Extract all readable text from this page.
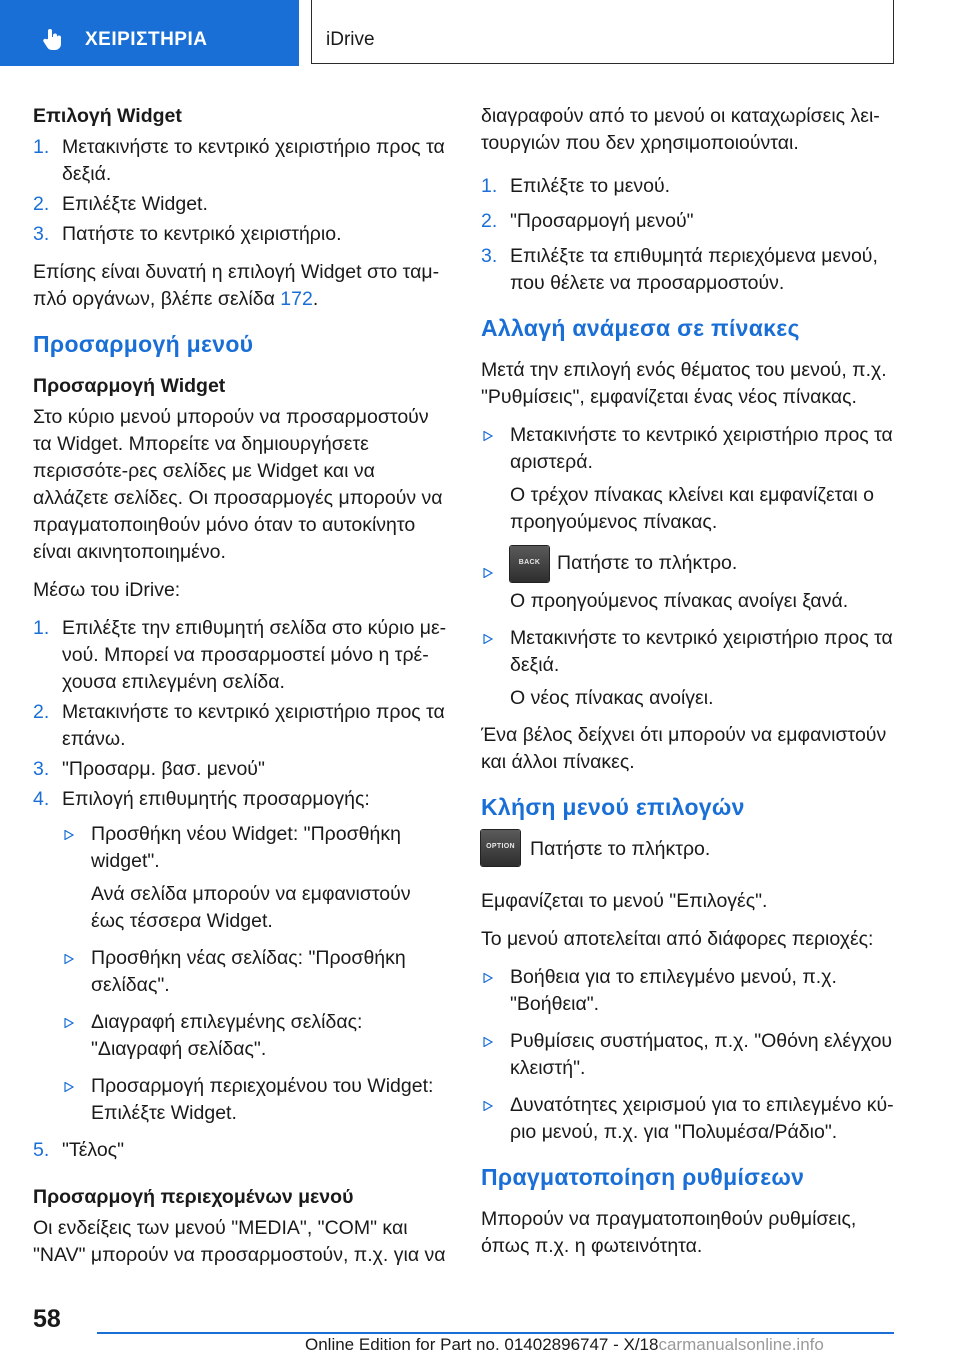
ΧΕΙΡΙΣΤΗΡΙΑ	iDrive

Επιλογή Widget

1. Μετακινήστε το κεντρικό χειριστήριο προς τα δεξιά.
2. Επιλέξτε Widget.
3. Πατήστε το κεντρικό χειριστήριο.

Επίσης είναι δυνατή η επιλογή Widget στο ταμ‐πλό οργάνων, βλέπε σελίδα 172.

Προσαρμογή μενού

Προσαρμογή Widget

Στο κύριο μενού μπορούν να προσαρμοστούν τα Widget. Μπορείτε να δημιουργήσετε περισσότε‐ρες σελίδες με Widget και να αλλάζετε σελίδες. Οι προσαρμογές μπορούν να πραγματοποιηθούν μόνο όταν το αυτοκίνητο είναι ακινητοποιημένο.

Μέσω του iDrive:

1. Επιλέξτε την επιθυμητή σελίδα στο κύριο με‐νού. Μπορεί να προσαρμοστεί μόνο η τρέ‐χουσα επιλεγμένη σελίδα.
2. Μετακινήστε το κεντρικό χειριστήριο προς τα επάνω.
3. "Προσαρμ. βασ. μενού"
4. Επιλογή επιθυμητής προσαρμογής:
Προσθήκη νέου Widget: "Προσθήκη widget".

Ανά σελίδα μπορούν να εμφανιστούν έως τέσσερα Widget.

Προσθήκη νέας σελίδας: "Προσθήκη σελίδας".
Διαγραφή επιλεγμένης σελίδας: "Διαγραφή σελίδας".
Προσαρμογή περιεχομένου του Widget: Επιλέξτε Widget.
5. "Τέλος"

Προσαρμογή περιεχομένων μενού

Οι ενδείξεις των μενού "MEDIA", "COM" και "NAV" μπορούν να προσαρμοστούν, π.χ. για να

διαγραφούν από το μενού οι καταχωρίσεις λει‐τουργιών που δεν χρησιμοποιούνται.

1. Επιλέξτε το μενού.
2. "Προσαρμογή μενού"
3. Επιλέξτε τα επιθυμητά περιεχόμενα μενού, που θέλετε να προσαρμοστούν.
Αλλαγή ανάμεσα σε πίνακες

Μετά την επιλογή ενός θέματος του μενού, π.χ. "Ρυθμίσεις", εμφανίζεται ένας νέος πίνακας.

Μετακινήστε το κεντρικό χειριστήριο προς τα αριστερά.

Ο τρέχον πίνακας κλείνει και εμφανίζεται ο προηγούμενος πίνακας.

BACK Πατήστε το πλήκτρο.

Ο προηγούμενος πίνακας ανοίγει ξανά.

Μετακινήστε το κεντρικό χειριστήριο προς τα δεξιά.

Ο νέος πίνακας ανοίγει.

Ένα βέλος δείχνει ότι μπορούν να εμφανιστούν και άλλοι πίνακες.

Κλήση μενού επιλογών
OPTION Πατήστε το πλήκτρο.

Εμφανίζεται το μενού "Επιλογές".

Το μενού αποτελείται από διάφορες περιοχές:

Βοήθεια για το επιλεγμένο μενού, π.χ. "Βοήθεια".
Ρυθμίσεις συστήματος, π.χ. "Οθόνη ελέγχου κλειστή".
Δυνατότητες χειρισμού για το επιλεγμένο κύ‐ριο μενού, π.χ. για "Πολυμέσα/Ράδιο".
Πραγματοποίηση ρυθμίσεων

Μπορούν να πραγματοποιηθούν ρυθμίσεις, όπως π.χ. η φωτεινότητα.

58
Online Edition for Part no. 01402896747 - X/18carmanualsonline.info
